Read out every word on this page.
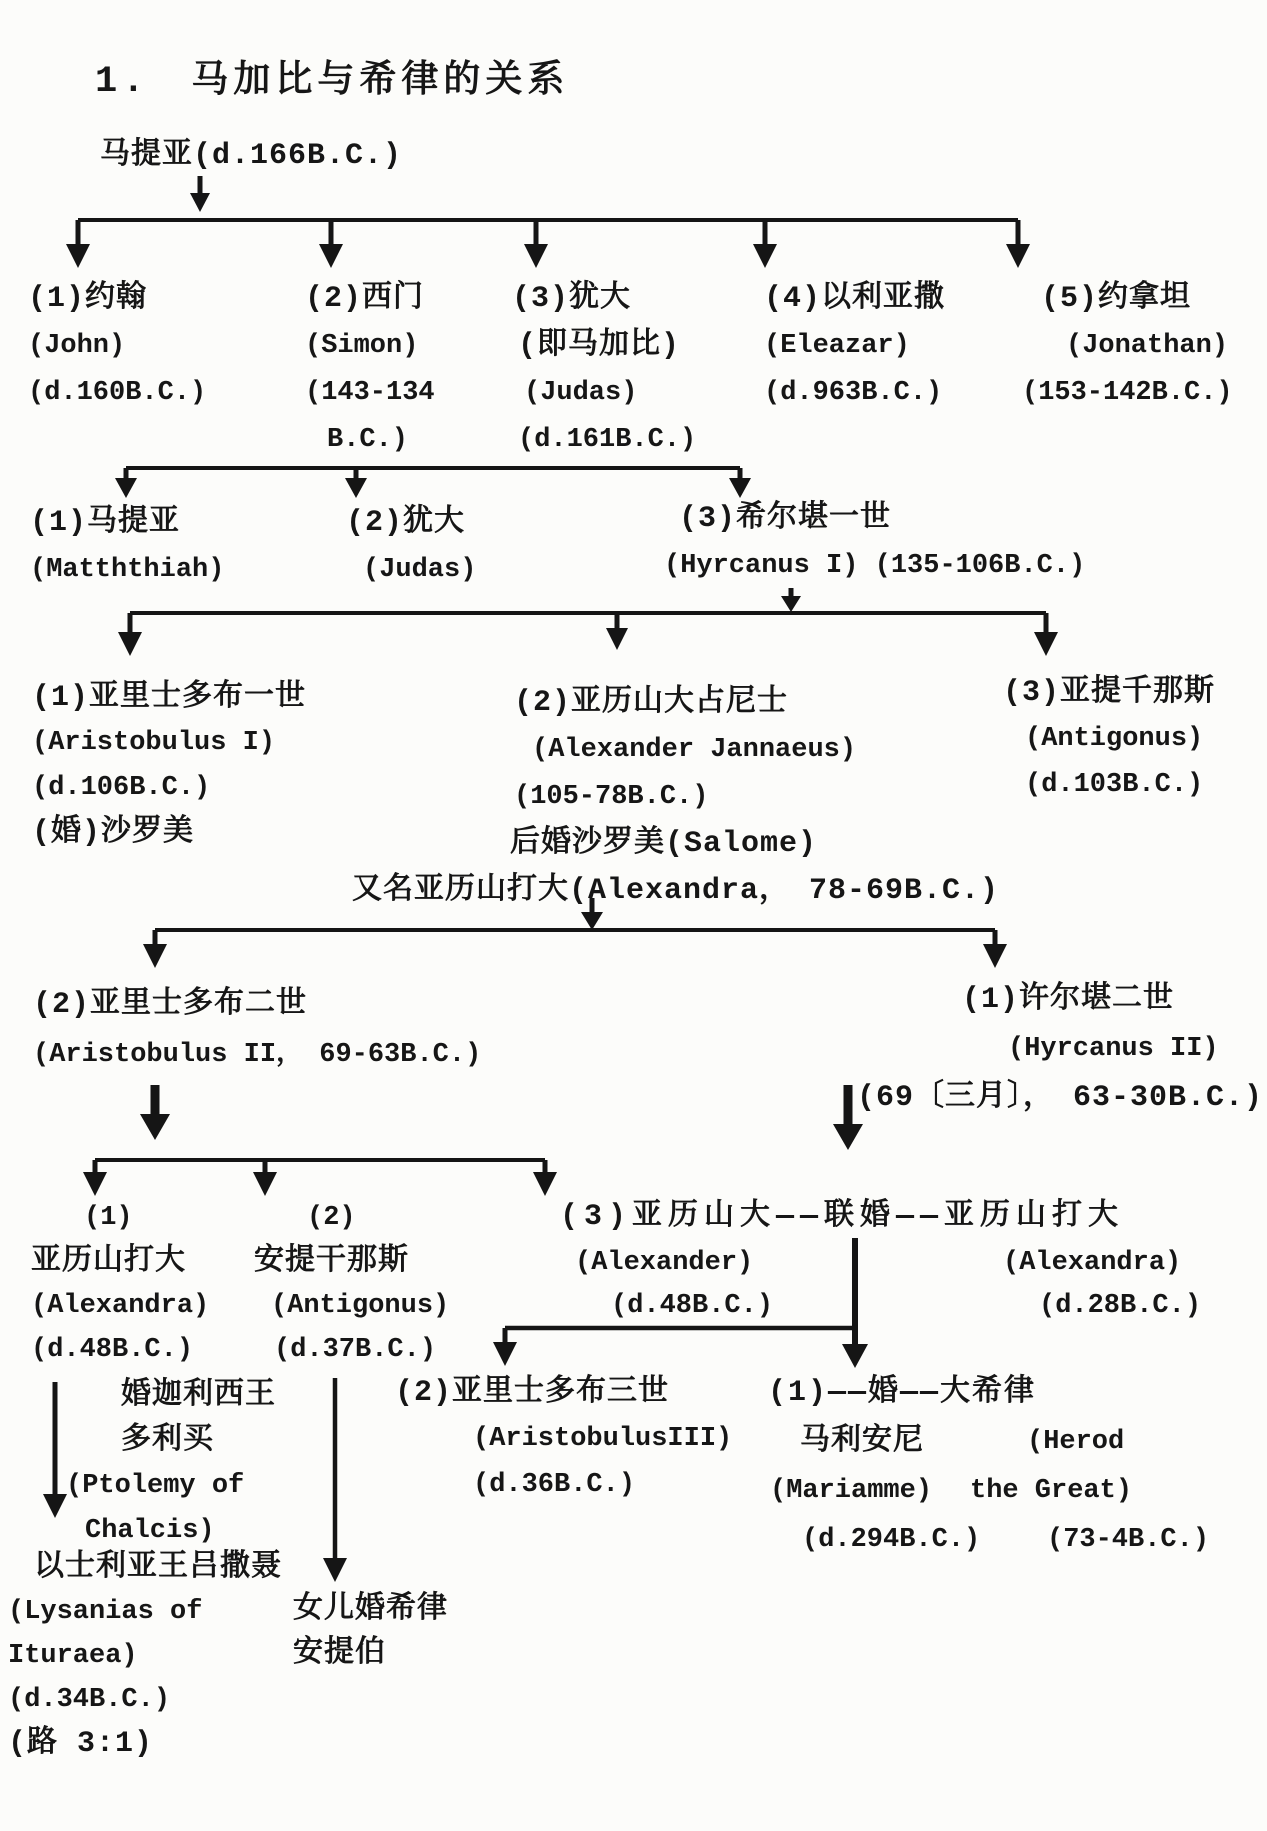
1.　马加比与希律的关系
马提亚(d.166B.C.)
(1)约翰
(John)
(d.160B.C.)
(2)西门
(Simon)
(143-134
B.C.)
(3)犹大
(即马加比)
(Judas)
(d.161B.C.)
(4)以利亚撒
(Eleazar)
(d.963B.C.)
(5)约拿坦
(Jonathan)
(153-142B.C.)
(1)马提亚
(Matththiah)
(2)犹大
(Judas)
(3)希尔堪一世
(Hyrcanus I) (135-106B.C.)
(1)亚里士多布一世
(Aristobulus I)
(d.106B.C.)
(婚)沙罗美
(2)亚历山大占尼士
(Alexander Jannaeus)
(105-78B.C.)
后婚沙罗美(Salome)
又名亚历山打大(Alexandra， 78-69B.C.)
(3)亚提千那斯
(Antigonus)
(d.103B.C.)
(2)亚里士多布二世
(Aristobulus II， 69-63B.C.)
(1)许尔堪二世
(Hyrcanus II)
(69〔三月〕， 63-30B.C.)
(1)
亚历山打大
(Alexandra)
(d.48B.C.)
(2)
安提干那斯
(Antigonus)
(d.37B.C.)
(3)亚历山大——联婚——亚历山打大
(Alexander)
(d.48B.C.)
(Alexandra)
(d.28B.C.)
婚迦利西王
多利买
(Ptolemy of
Chalcis)
(2)亚里士多布三世
(AristobulusIII)
(d.36B.C.)
(1)——婚——大希律
马利安尼
(Mariamme)
(d.294B.C.)
(Herod
the Great)
(73-4B.C.)
以士利亚王吕撒聂
(Lysanias of
Ituraea)
(d.34B.C.)
(路 3:1)
女儿婚希律
安提伯
